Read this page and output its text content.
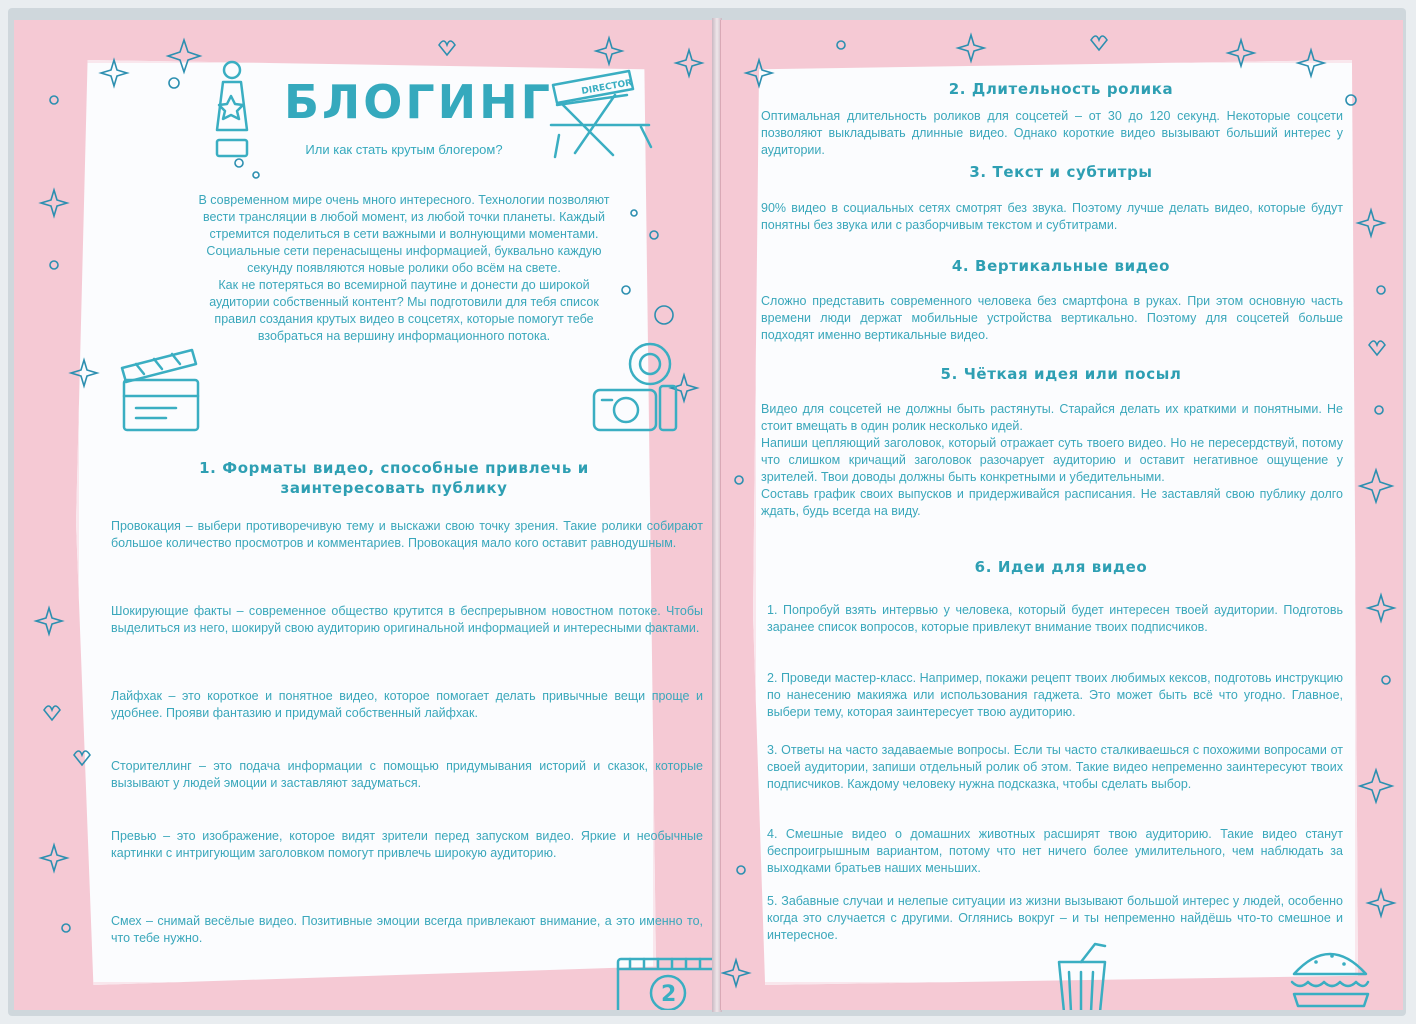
БЛОГИНГ
Или как стать крутым блогером?
DIRECTOR
В современном мире очень много интересного. Технологии позволяют вести трансляции в любой момент, из любой точки планеты. Каждый стремится поделиться в сети важными и волнующими моментами. Социальные сети перенасыщены информацией, буквально каждую секунду появляются новые ролики обо всём на свете.
Как не потеряться во всемирной паутине и донести до широкой аудитории собственный контент? Мы подготовили для тебя список правил создания крутых видео в соцсетях, которые помогут тебе взобраться на вершину информационного потока.
1. Форматы видео, способные привлечь и заинтересовать публику
Провокация – выбери противоречивую тему и выскажи свою точку зрения. Такие ролики собирают большое количество просмотров и комментариев. Провокация мало кого оставит равнодушным.
Шокирующие факты – современное общество крутится в беспрерывном новостном потоке. Чтобы выделиться из него, шокируй свою аудиторию оригинальной информацией и интересными фактами.
Лайфхак – это короткое и понятное видео, которое помогает делать привычные вещи проще и удобнее. Прояви фантазию и придумай собственный лайфхак.
Сторителлинг – это подача информации с помощью придумывания историй и сказок, которые вызывают у людей эмоции и заставляют задуматься.
Превью – это изображение, которое видят зрители перед запуском видео. Яркие и необычные картинки с интригующим заголовком помогут привлечь широкую аудиторию.
Смех – снимай весёлые видео. Позитивные эмоции всегда привлекают внимание, а это именно то, что тебе нужно.
2
2. Длительность ролика
Оптимальная длительность роликов для соцсетей – от 30 до 120 секунд. Некоторые соцсети позволяют выкладывать длинные видео. Однако короткие видео вызывают больший интерес у аудитории.
3. Текст и субтитры
90% видео в социальных сетях смотрят без звука. Поэтому лучше делать видео, которые будут понятны без звука или с разборчивым текстом и субтитрами.
4. Вертикальные видео
Сложно представить современного человека без смартфона в руках. При этом основную часть времени люди держат мобильные устройства вертикально. Поэтому для соцсетей больше подходят именно вертикальные видео.
5. Чёткая идея или посыл
Видео для соцсетей не должны быть растянуты. Старайся делать их краткими и понятными. Не стоит вмещать в один ролик несколько идей.
Напиши цепляющий заголовок, который отражает суть твоего видео. Но не пересердствуй, потому что слишком кричащий заголовок разочарует аудиторию и оставит негативное ощущение у зрителей. Твои доводы должны быть конкретными и убедительными.
Составь график своих выпусков и придерживайся расписания. Не заставляй свою публику долго ждать, будь всегда на виду.
6. Идеи для видео
1. Попробуй взять интервью у человека, который будет интересен твоей аудитории. Подготовь заранее список вопросов, которые привлекут внимание твоих подписчиков.
2. Проведи мастер-класс. Например, покажи рецепт твоих любимых кексов, подготовь инструкцию по нанесению макияжа или использования гаджета. Это может быть всё что угодно. Главное, выбери тему, которая заинтересует твою аудиторию.
3. Ответы на часто задаваемые вопросы. Если ты часто сталкиваешься с похожими вопросами от своей аудитории, запиши отдельный ролик об этом. Такие видео непременно заинтересуют твоих подписчиков. Каждому человеку нужна подсказка, чтобы сделать выбор.
4. Смешные видео о домашних животных расширят твою аудиторию. Такие видео станут беспроигрышным вариантом, потому что нет ничего более умилительного, чем наблюдать за выходками братьев наших меньших.
5. Забавные случаи и нелепые ситуации из жизни вызывают большой интерес у людей, особенно когда это случается с другими. Оглянись вокруг – и ты непременно найдёшь что-то смешное и интересное.
